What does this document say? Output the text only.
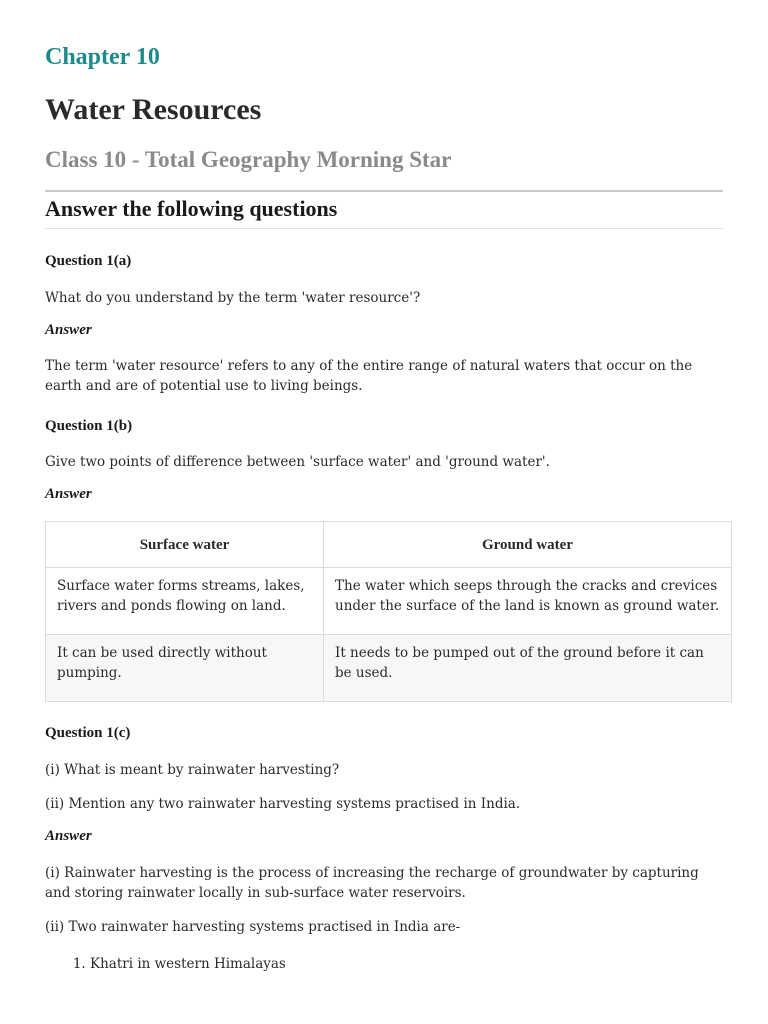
Chapter 10
Water Resources
Class 10 - Total Geography Morning Star
Answer the following questions
Question 1(a)
What do you understand by the term 'water resource'?
Answer
The term 'water resource' refers to any of the entire range of natural waters that occur on the earth and are of potential use to living beings.
Question 1(b)
Give two points of difference between 'surface water' and 'ground water'.
Answer
Surface water	Ground water
Surface water forms streams, lakes, rivers and ponds flowing on land.	The water which seeps through the cracks and crevices under the surface of the land is known as ground water.
It can be used directly without pumping.	It needs to be pumped out of the ground before it can be used.
Question 1(c)
(i) What is meant by rainwater harvesting?
(ii) Mention any two rainwater harvesting systems practised in India.
Answer
(i) Rainwater harvesting is the process of increasing the recharge of groundwater by capturing and storing rainwater locally in sub-surface water reservoirs.
(ii) Two rainwater harvesting systems practised in India are-
1. Khatri in western Himalayas
